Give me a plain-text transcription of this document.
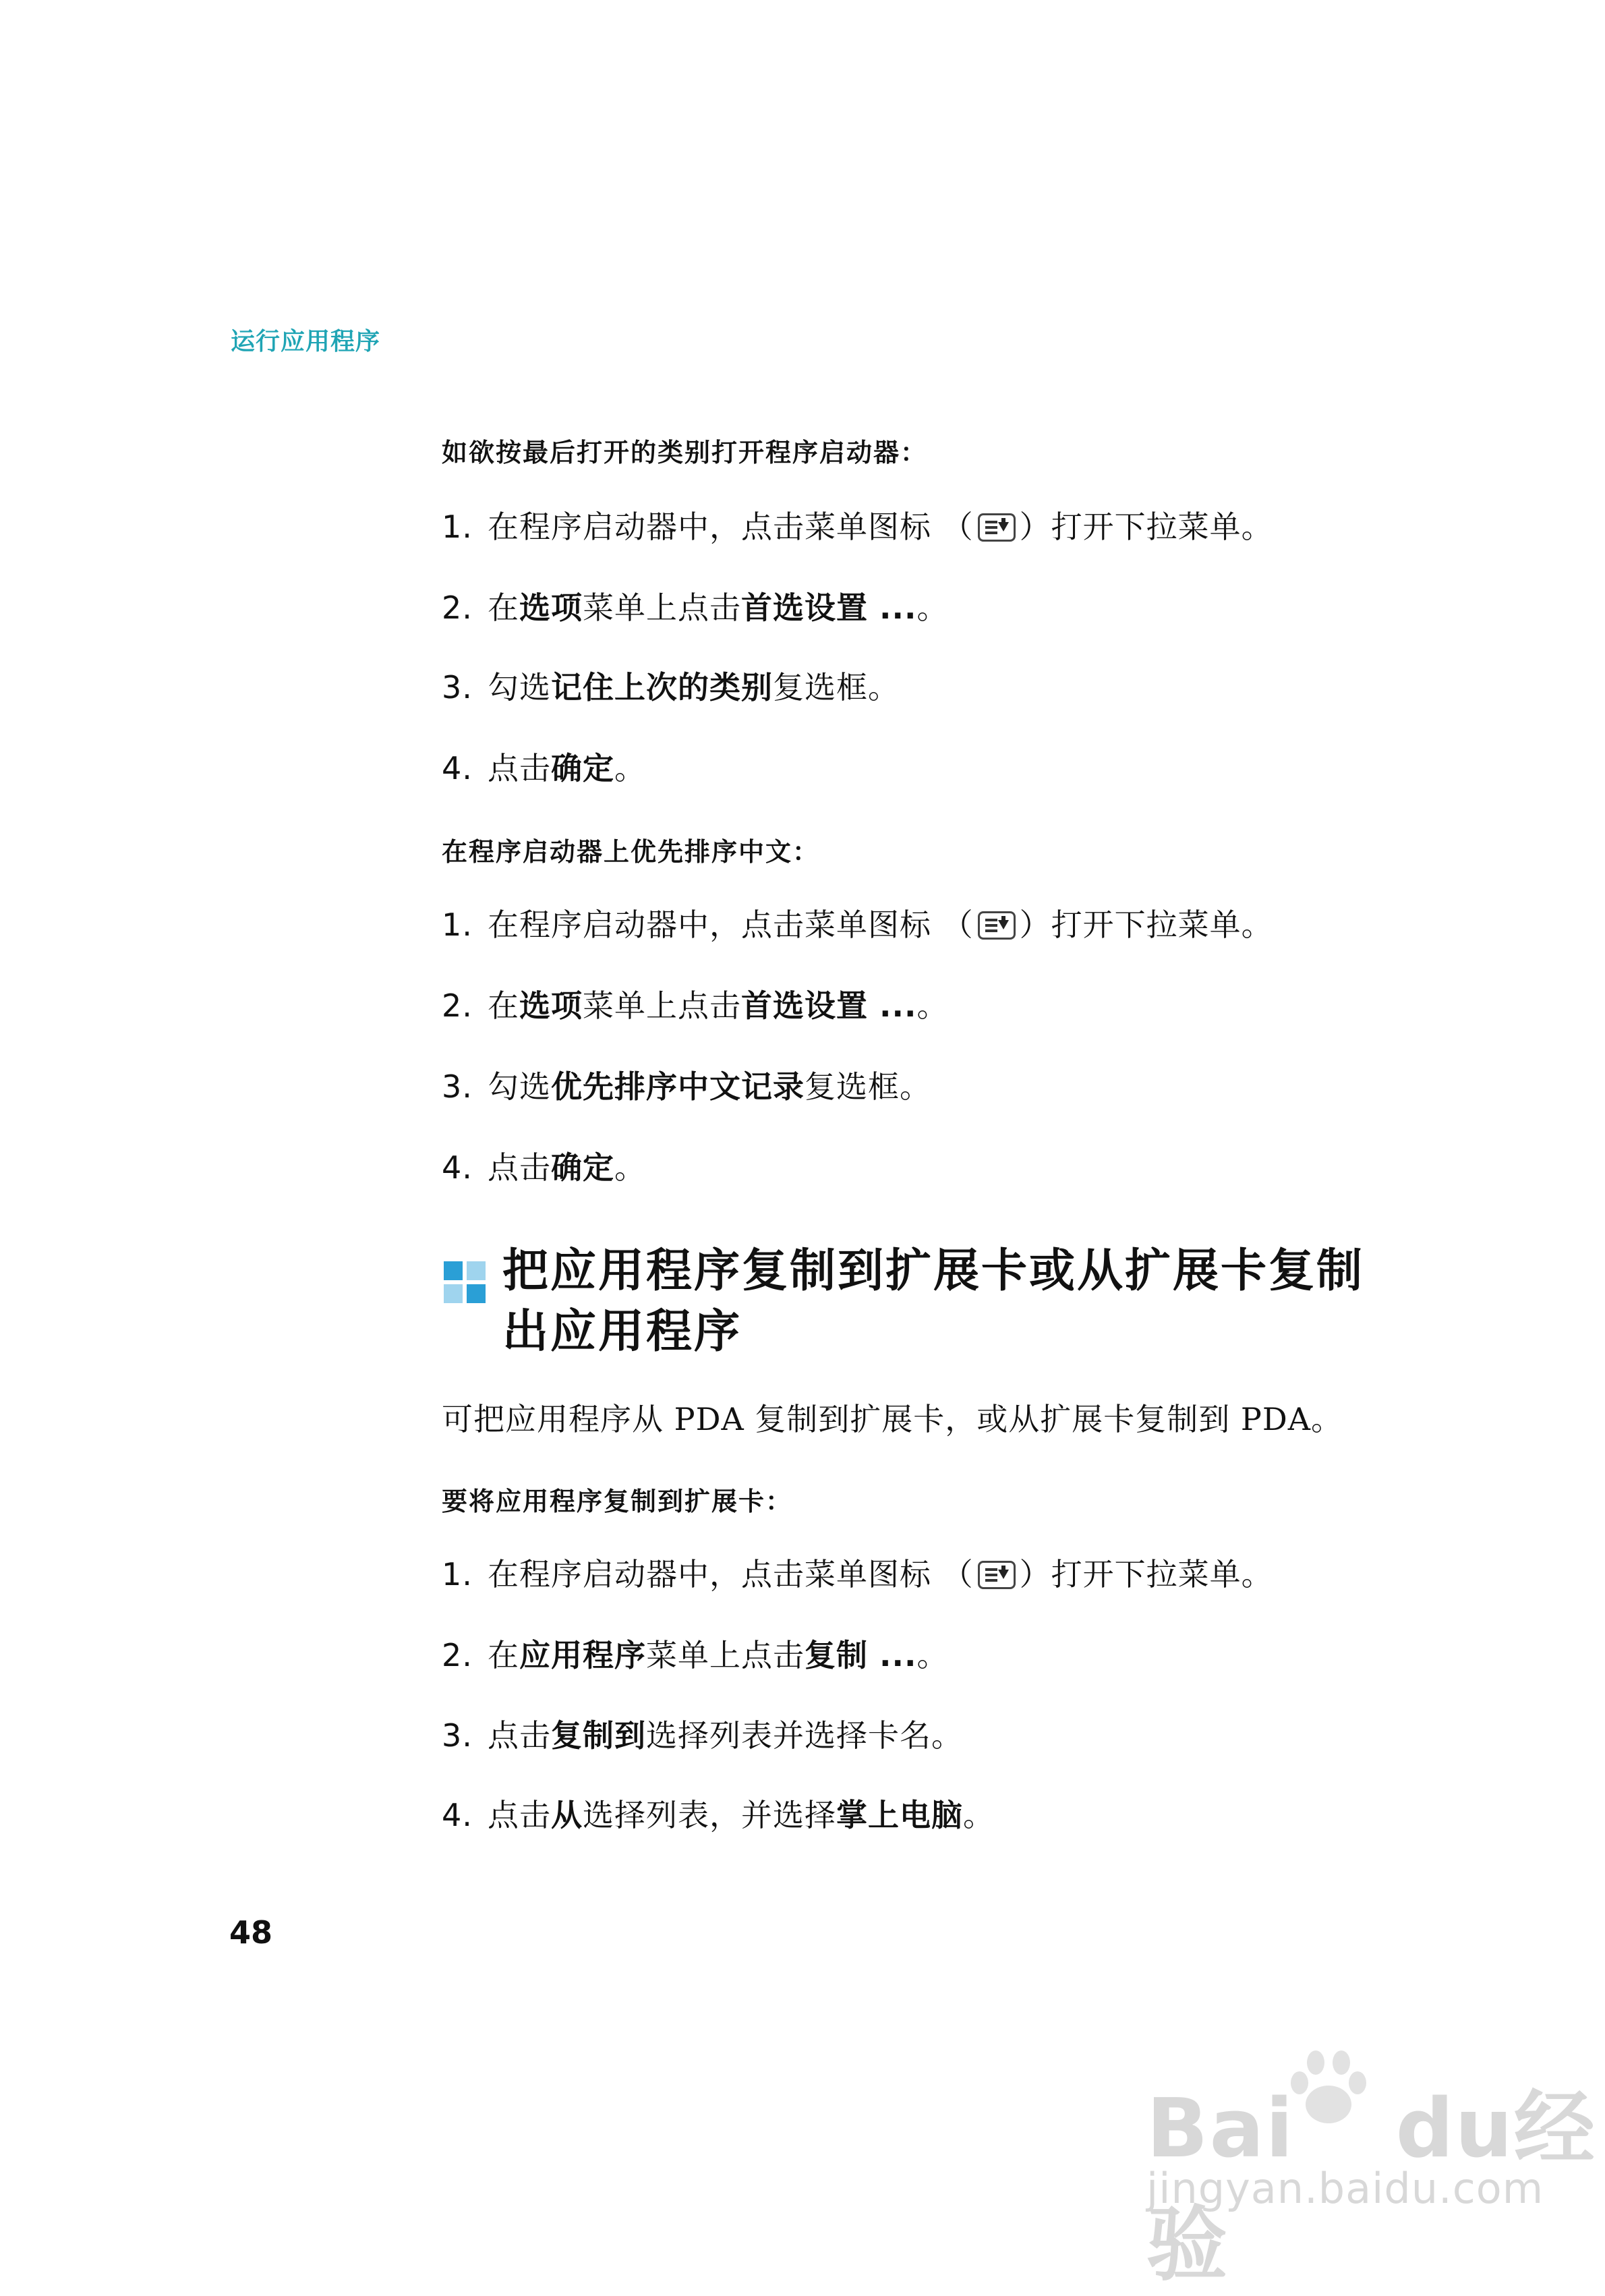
运行应用程序
如欲按最后打开的类别打开程序启动器：
1. 在程序启动器中，点击菜单图标 （ ）打开下拉菜单。
2. 在选项菜单上点击首选设置 ...。
3. 勾选记住上次的类别复选框。
4. 点击确定。
在程序启动器上优先排序中文：
1. 在程序启动器中，点击菜单图标 （ ）打开下拉菜单。
2. 在选项菜单上点击首选设置 ...。
3. 勾选优先排序中文记录复选框。
4. 点击确定。
把应用程序复制到扩展卡或从扩展卡复制
出应用程序
可把应用程序从 PDA 复制到扩展卡，或从扩展卡复制到 PDA。
要将应用程序复制到扩展卡：
1. 在程序启动器中，点击菜单图标 （ ）打开下拉菜单。
2. 在应用程序菜单上点击复制 ...。
3. 点击复制到选择列表并选择卡名。
4. 点击从选择列表，并选择掌上电脑。
48
Bai du经验
jingyan.baidu.com
